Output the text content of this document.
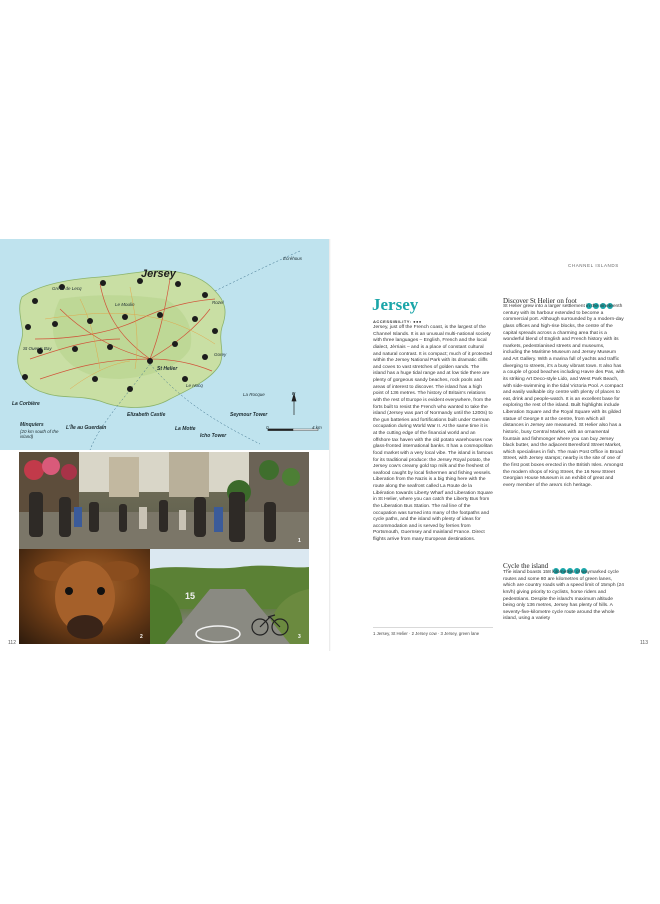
Jersey
Écréhous
Grève de Lecq
Rozel
St Ouen's Bay
La Corbière
St Helier
Le Moulin
Gorey
Seymour Tower
Le Hocq
Elizabeth Castle
La Rocque
Minquiers
(20 km south of the island)
L'Île au Guerdain	La Motte
Icho Tower
N
0	4 km
15
1
2	3
112
CHANNEL ISLANDS
Jersey
ACCESSIBILITY: ●●●

Jersey, just off the French coast, is the largest of the Channel Islands. It is an unusual multi-national society with three languages – English, French and the local dialect, Jèrriais – and is a place of constant cultural and natural contrast. It is compact; much of it protected within the Jersey National Park with its dramatic cliffs and coves to vast stretches of golden sands. The island has a huge tidal range and at low tide there are plenty of gorgeous sandy beaches, rock pools and areas of interest to discover. The island has a high point of 136 metres. The history of Britain's relations with the rest of Europe is evident everywhere, from the forts built to resist the French who wanted to take the island (Jersey was part of Normandy until the 1200s) to the gun batteries and fortifications built under German occupation during World War II. At the same time it is at the cutting edge of the financial world and an offshore tax haven with the old potato warehouses now glass-fronted international banks. It has a cosmopolitan food market with a very local vibe. The island is famous for its traditional produce: the Jersey Royal potato, the Jersey cow's creamy gold top milk and the freshest of seafood caught by local fishermen and fishing vessels. Liberation from the Nazis is a big thing here with the route along the seafront called La Route de la Libération towards Liberty Wharf and Liberation Square in St Helier, where you can catch the Liberty Bus from the Liberation Bus Station. The rail line of the occupation was turned into many of the footpaths and cycle paths, and the island with plenty of ideas for accommodation and is served by ferries from Portsmouth, Guernsey and mainland France. Direct flights arrive from many European destinations.

Discover St Helier on foot

St Helier grew into a larger settlement in the nineteenth century with its harbour extended to become a commercial port. Although surrounded by a modern-day glass offices and high-rise blocks, the centre of the capital spreads across a charming area that is a wonderful blend of English and French history with its markets, pedestrianised streets and museums, including the Maritime Museum and Jersey Museum and Art Gallery. With a marina full of yachts and traffic diverging to streets, it's a busy vibrant town. It also has a couple of good beaches including Havre des Pas, with its striking Art Deco-style Lido, and West Park Beach, with side-swimming in the tidal Victoria Pool. A compact and easily walkable city centre with plenty of places to eat, drink and people-watch. It is an excellent base for exploring the rest of the island. Built highlights include Liberation Square and the Royal Square with its gilded statue of George II at the centre, from which all distances in Jersey are measured. St Helier also has a historic, busy Central Market, with an ornamental fountain and fishmonger where you can buy Jersey black butter, and the adjacent Beresford Street Market, which specialises in fish. The main Post Office in Broad Street, with Jersey stamps; nearby is the site of one of the first post boxes erected in the British Isles. Amongst the modern shops of King Street, the 16 New Street Georgian House Museum is an exhibit of great and every member of the area's rich heritage.

Cycle the island

The island boasts 158 kilometres of waymarked cycle routes and some 80 are kilometres of green lanes, which are country roads with a speed limit of 15mph (24 km/h) giving priority to cyclists, horse riders and pedestrians. Despite the island's maximum altitude being only 136 metres, Jersey has plenty of hills. A seventy-five-kilometre cycle route around the whole island, using a variety

1 Jersey, St Helier · 2 Jersey cow · 3 Jersey, green lane
113
